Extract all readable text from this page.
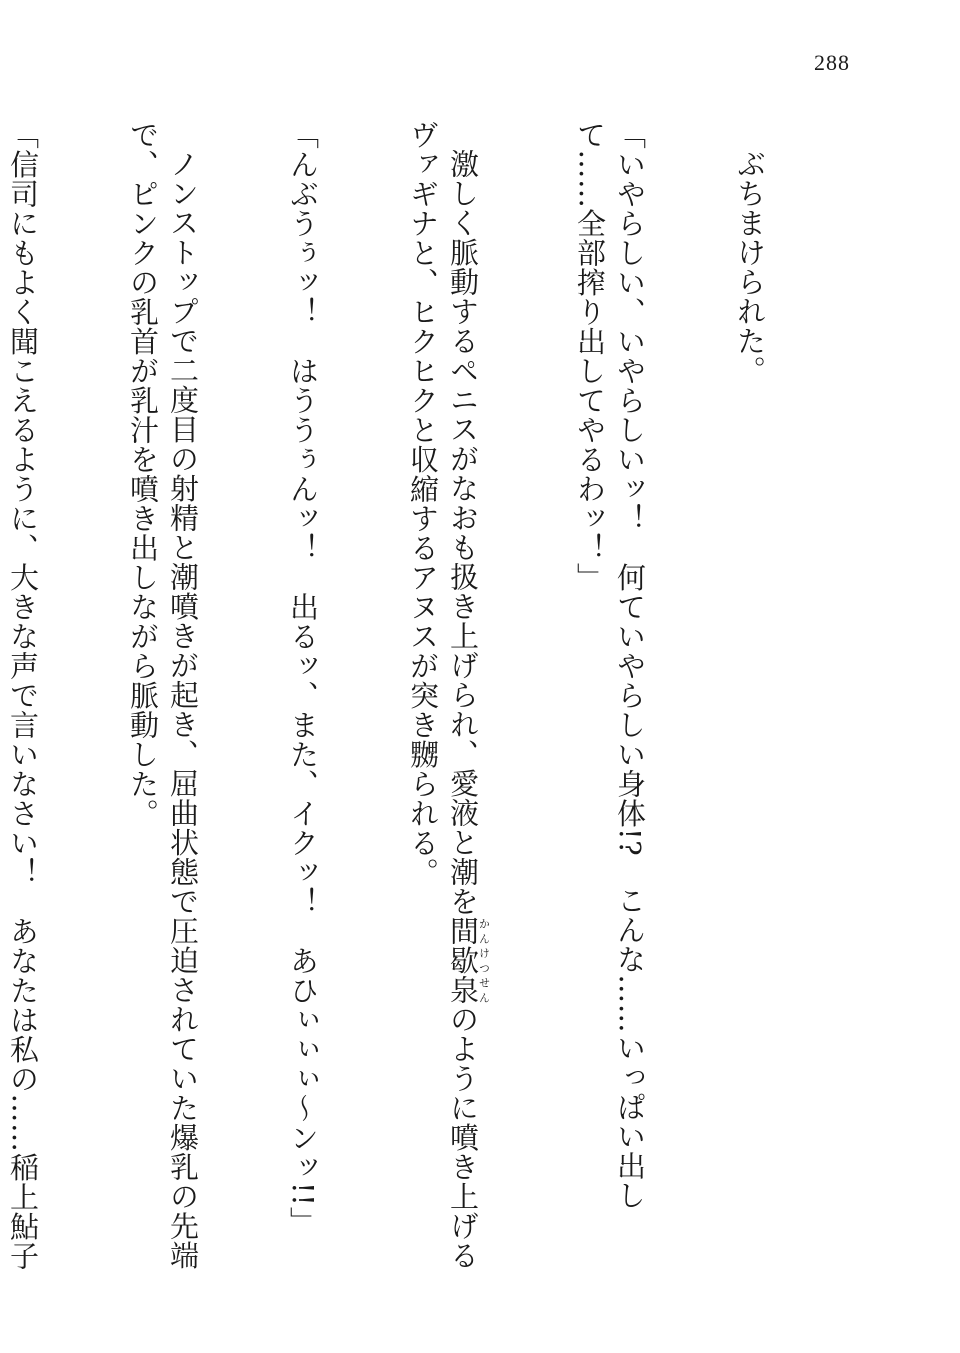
288

ぶちまけられた。

「いやらしい、いやらしいッ！　何ていやらしい身体!?　こんな……いっぱい出して……全部搾り出してやるわッ！」

激しく脈動するペニスがなおも扱き上げられ、愛液と潮を間歇泉かんけつせんのように噴き上げるヴァギナと、ヒクヒクと収縮するアヌスが突き嬲られる。

「んぶうぅッ！　はううぅんッ！　出るッ、また、イクッ！　あひぃぃぃ〜ンッ!!」

ノンストップで二度目の射精と潮噴きが起き、屈曲状態で圧迫されていた爆乳の先端で、ピンクの乳首が乳汁を噴き出しながら脈動した。

「信司にもよく聞こえるように、大きな声で言いなさい！　あなたは私の……稲上鮎子
